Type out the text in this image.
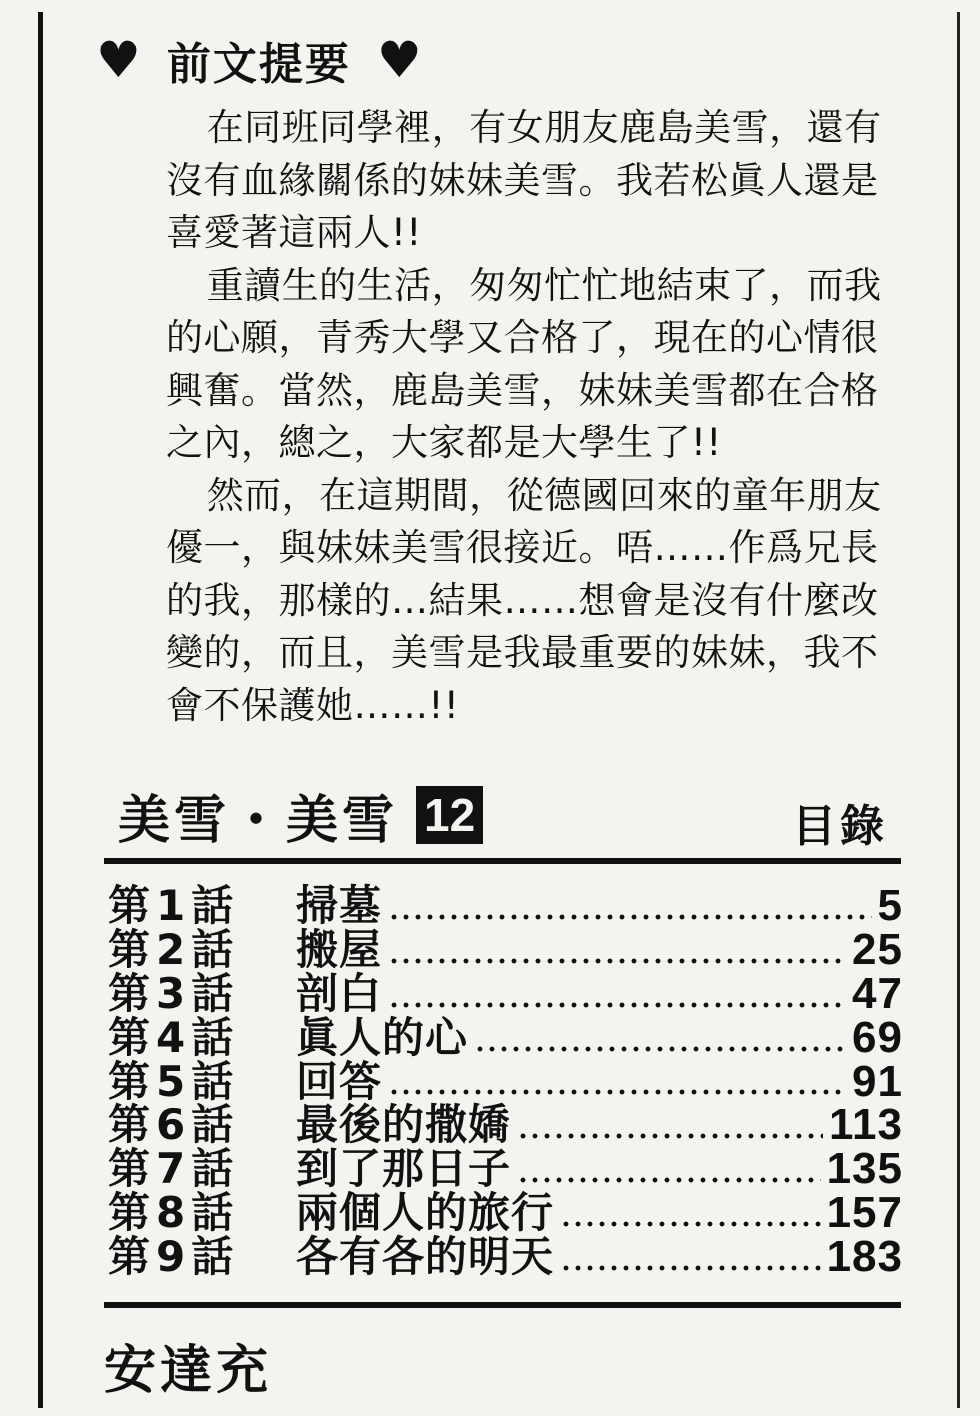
♥ 前文提要 ♥

在同班同學裡，有女朋友鹿島美雪，還有沒有血緣關係的妹妹美雪。我若松眞人還是喜愛著這兩人!!

重讀生的生活，匆匆忙忙地結束了，而我的心願，青秀大學又合格了，現在的心情很興奮。當然，鹿島美雪，妹妹美雪都在合格之內，總之，大家都是大學生了!!

然而，在這期間，從德國回來的童年朋友優一，與妹妹美雪很接近。唔……作爲兄長的我，那樣的…結果……想會是沒有什麼改變的，而且，美雪是我最重要的妹妹，我不會不保護她……!!

美雪・美雪 12	目錄
第1話	掃墓	5
第2話	搬屋	25
第3話	剖白	47
第4話	眞人的心	69
第5話	回答	91
第6話	最後的撒嬌	113
第7話	到了那日子	135
第8話	兩個人的旅行	157
第9話	各有各的明天	183
安達充
